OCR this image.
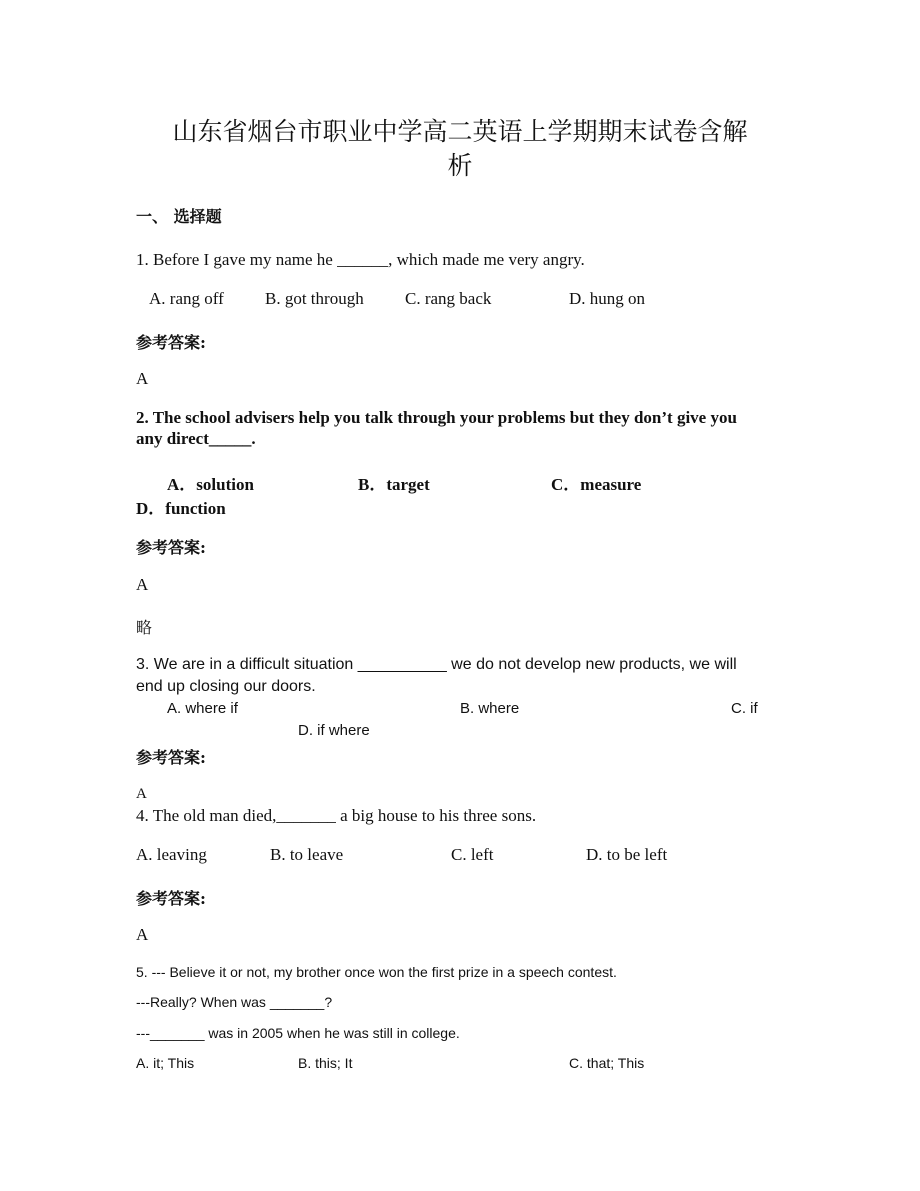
山东省烟台市职业中学高二英语上学期期末试卷含解
析
一、 选择题
1. Before I gave my name he ______, which made me very angry.
A. rang off B. got through C. rang back	D. hung on
参考答案:
A
2. The school advisers help you talk through your problems but they don’t give you
any direct_____.
A．solution	B．target	C．measure
D．function
参考答案:
A
略
3. We are in a difficult situation __________ we do not develop new products, we will
end up closing our doors.
A. where if	B. where	C. if
D. if where
参考答案:
A
4. The old man died,_______ a big house to his three sons.
A. leaving	B. to leave	C. left	D. to be left
参考答案:
A
5. --- Believe it or not, my brother once won the first prize in a speech contest.
---Really? When was _______?
---_______ was in 2005 when he was still in college.
A. it; This	B. this; It	C. that; This
